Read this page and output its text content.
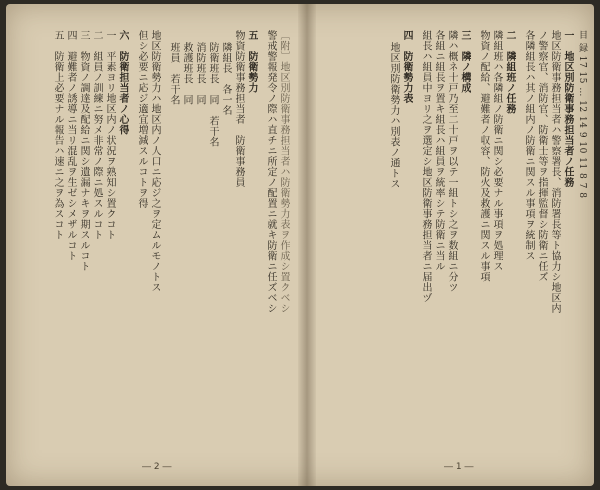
〔附〕地区別防衛事務担当者ハ防衛勢力表ヲ作成シ置クベシ
警戒警報発令ノ際ハ直チニ所定ノ配置ニ就キ防衛ニ任ズベシ
五　防衛勢力
物資防衛事務担当者　防衛事務員
隣組長　各一名
防衛班長　同　若干名
消防班長　同
救護班長　同
班員　若干名
地区防衛勢力ハ地区内ノ人口ニ応ジ之ヲ定ムルモノトス
但シ必要ニ応ジ適宜増減スルコトヲ得
六　防衛担当者ノ心得
一　平素ヨリ地区内ノ状況ヲ熟知シ置クコト
二　組員ノ訓練ニ努メ非常ノ際ニ処スルコト
三　物資ノ調達及配給ニ関シ遺漏ナキヲ期スルコト
四　避難者ノ誘導ニ当リ混乱ヲ生ゼシメザルコト
五　防衛上必要ナル報告ハ速ニ之ヲ為スコト
― 2 ―
目 録 17 15 … 12 14 9 10 11 8 7 8
一　地区別防衛事務担当者ノ任務
地区防衛事務担当者ハ警察署長、消防署長等ト協力シ地区内
ノ警察官、消防官、防衛士等ヲ指揮監督シ防衛ニ任ズ
各隣組長ハ其ノ組内ノ防衛ニ関スル事項ヲ統制ス
二　隣組班ノ任務
隣組班ハ各隣組ノ防衛ニ関シ必要ナル事項ヲ処理ス
物資ノ配給、避難者ノ収容、防火及救護ニ関スル事項
三　隣ノ構成
隣ハ概ネ十戸乃至二十戸ヲ以テ一組トシ之ヲ数組ニ分ツ
各組ニ組長ヲ置キ組長ハ組員ヲ統率シテ防衛ニ当ル
組長ハ組員中ヨリ之ヲ選定シ地区防衛事務担当者ニ届出ヅ
四　防衛勢力表
地区別防衛勢力ハ別表ノ通トス
― 1 ―
